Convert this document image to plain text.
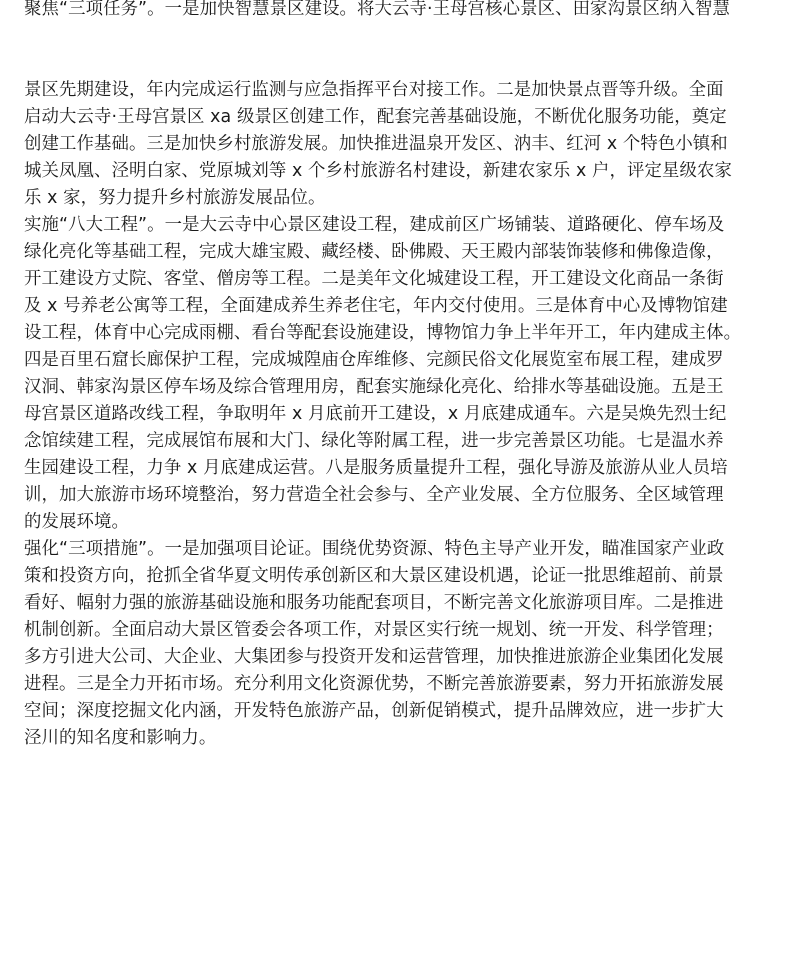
聚焦“三项任务”。一是加快智慧景区建设。将大云寺·王母宫核心景区、田家沟景区纳入智慧
景区先期建设，年内完成运行监测与应急指挥平台对接工作。二是加快景点晋等升级。全面
启动大云寺·王母宫景区 xa 级景区创建工作，配套完善基础设施，不断优化服务功能，奠定
创建工作基础。三是加快乡村旅游发展。加快推进温泉开发区、汭丰、红河 x 个特色小镇和
城关凤凰、泾明白家、党原城刘等 x 个乡村旅游名村建设，新建农家乐 x 户，评定星级农家
乐 x 家，努力提升乡村旅游发展品位。
实施“八大工程”。一是大云寺中心景区建设工程，建成前区广场铺装、道路硬化、停车场及
绿化亮化等基础工程，完成大雄宝殿、藏经楼、卧佛殿、天王殿内部装饰装修和佛像造像，
开工建设方丈院、客堂、僧房等工程。二是美年文化城建设工程，开工建设文化商品一条街
及 x 号养老公寓等工程，全面建成养生养老住宅，年内交付使用。三是体育中心及博物馆建
设工程，体育中心完成雨棚、看台等配套设施建设，博物馆力争上半年开工，年内建成主体。
四是百里石窟长廊保护工程，完成城隍庙仓库维修、完颜民俗文化展览室布展工程，建成罗
汉洞、韩家沟景区停车场及综合管理用房，配套实施绿化亮化、给排水等基础设施。五是王
母宫景区道路改线工程，争取明年 x 月底前开工建设，x 月底建成通车。六是吴焕先烈士纪
念馆续建工程，完成展馆布展和大门、绿化等附属工程，进一步完善景区功能。七是温水养
生园建设工程，力争 x 月底建成运营。八是服务质量提升工程，强化导游及旅游从业人员培
训，加大旅游市场环境整治，努力营造全社会参与、全产业发展、全方位服务、全区域管理
的发展环境。
强化“三项措施”。一是加强项目论证。围绕优势资源、特色主导产业开发，瞄准国家产业政
策和投资方向，抢抓全省华夏文明传承创新区和大景区建设机遇，论证一批思维超前、前景
看好、幅射力强的旅游基础设施和服务功能配套项目，不断完善文化旅游项目库。二是推进
机制创新。全面启动大景区管委会各项工作，对景区实行统一规划、统一开发、科学管理；
多方引进大公司、大企业、大集团参与投资开发和运营管理，加快推进旅游企业集团化发展
进程。三是全力开拓市场。充分利用文化资源优势，不断完善旅游要素，努力开拓旅游发展
空间；深度挖掘文化内涵，开发特色旅游产品，创新促销模式，提升品牌效应，进一步扩大
泾川的知名度和影响力。
